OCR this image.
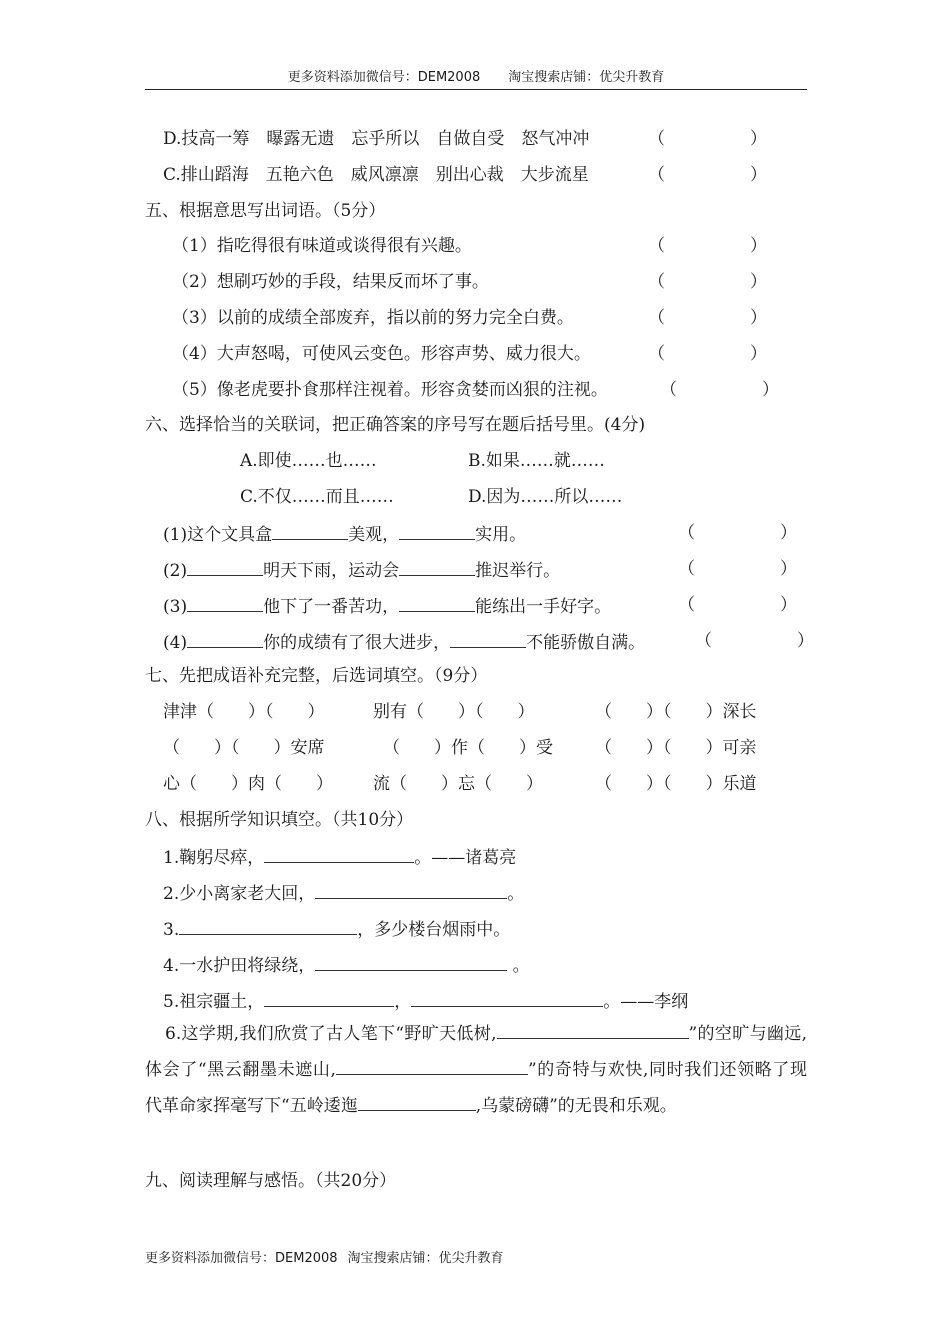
更多资料添加微信号：DEM2008 淘宝搜索店铺：优尖升教育
D.技高一筹　曝露无遗　忘乎所以　自做自受　怒气冲冲	（　　　　　）
C.排山蹈海　五艳六色　威风凛凛　别出心裁　大步流星	（　　　　　）
五、根据意思写出词语。（5分）
（1）指吃得很有味道或谈得很有兴趣。	（　　　　　）
（2）想刷巧妙的手段，结果反而坏了事。	（　　　　　）
（3）以前的成绩全部废弃，指以前的努力完全白费。	（　　　　　）
（4）大声怒喝，可使风云变色。形容声势、威力很大。	（　　　　　）
（5）像老虎要扑食那样注视着。形容贪婪而凶狠的注视。	（　　　　　）
六、选择恰当的关联词，把正确答案的序号写在题后括号里。(4分)
A.即使……也……	B.如果……就……
C.不仅……而且……	D.因为……所以……
(1)这个文具盒	美观，	实用。	（　　　　　）
(2)	明天下雨，运动会	推迟举行。	（　　　　　）
(3)	他下了一番苦功，	能练出一手好字。	（　　　　　）
(4)	你的成绩有了很大进步，	不能骄傲自满。	（　　　　　）
七、先把成语补充完整，后选词填空。（9分）
津津（　　）（　　）	别有（　　）（　　）	（　　）（　　）深长
（　　）（　　）安席	（　　）作（　　）受 （　　）（　　）可亲
心（　　）肉（　　） 流（　　）忘（　　）	（　　）（　　）乐道
八、根据所学知识填空。（共10分）
1.鞠躬尽瘁，	。——诸葛亮
2.少小离家老大回，	。
3.	，多少楼台烟雨中。
4.一水护田将绿绕，	。
5.祖宗疆土，	，	。——李纲
6.这学期,我们欣赏了古人笔下“野旷天低树,	”的空旷与幽远,体会了“黑云翻墨未遮山,	”的奇特与欢快,同时我们还领略了现代革命家挥毫写下“五岭逶迤	,乌蒙磅礴”的无畏和乐观。
九、阅读理解与感悟。（共20分）
更多资料添加微信号：DEM2008 淘宝搜索店铺：优尖升教育
